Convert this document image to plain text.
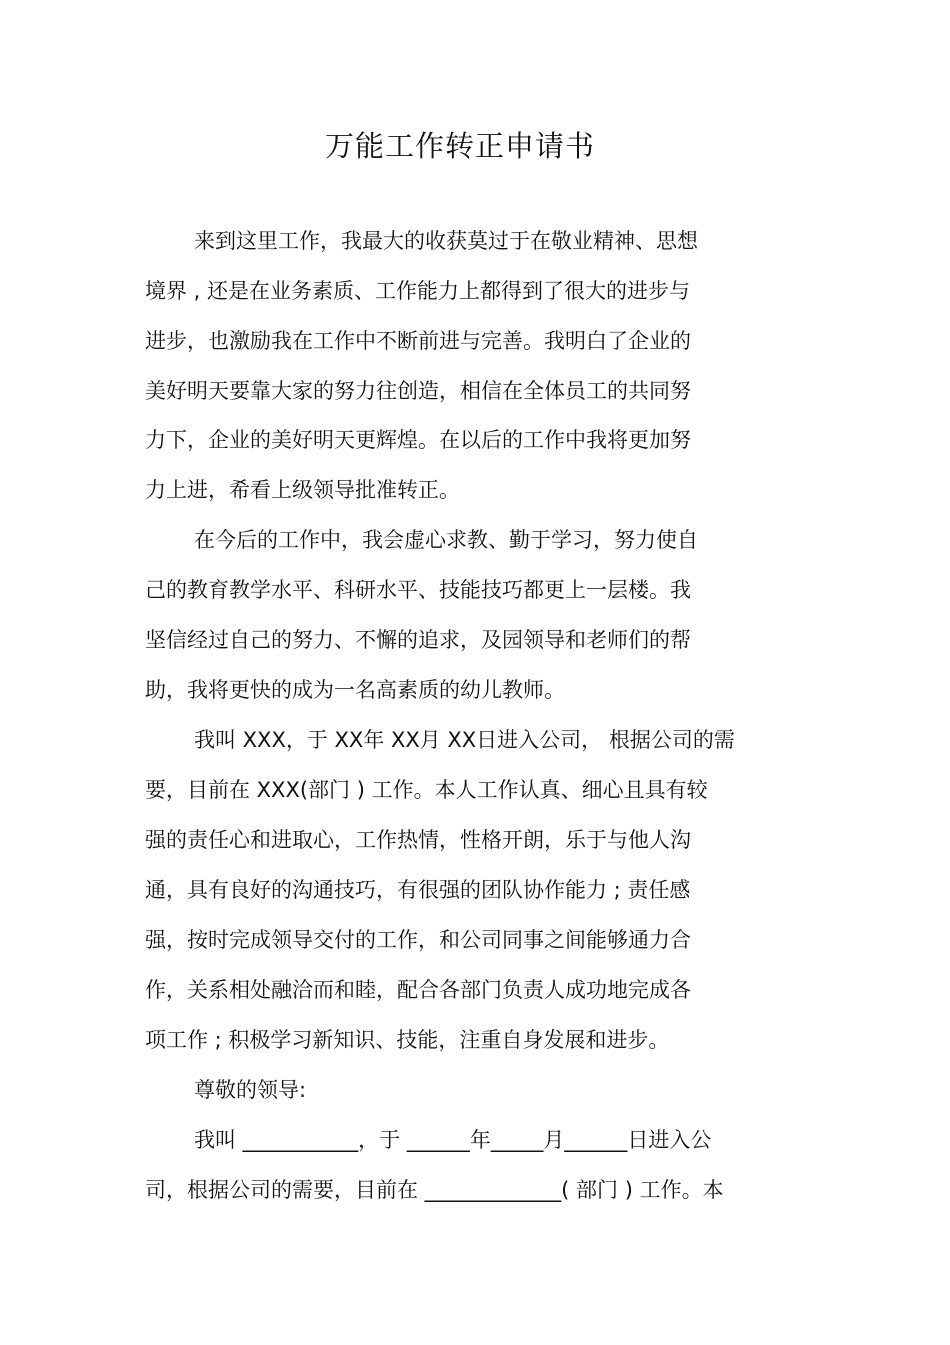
万能工作转正申请书
来到这里工作，我最大的收获莫过于在敬业精神、思想
境界 , 还是在业务素质、工作能力上都得到了很大的进步与
进步，也激励我在工作中不断前进与完善。我明白了企业的
美好明天要靠大家的努力往创造，相信在全体员工的共同努
力下，企业的美好明天更辉煌。在以后的工作中我将更加努
力上进，希看上级领导批准转正。
在今后的工作中，我会虚心求教、勤于学习，努力使自
己的教育教学水平、科研水平、技能技巧都更上一层楼。我
坚信经过自己的努力、不懈的追求，及园领导和老师们的帮
助，我将更快的成为一名高素质的幼儿教师。
我叫 XXX，于 XX年 XX月 XX日进入公司， 根据公司的需
要，目前在 XXX(部门 ) 工作。本人工作认真、细心且具有较
强的责任心和进取心，工作热情，性格开朗，乐于与他人沟
通，具有良好的沟通技巧，有很强的团队协作能力 ; 责任感
强，按时完成领导交付的工作，和公司同事之间能够通力合
作，关系相处融洽而和睦，配合各部门负责人成功地完成各
项工作 ; 积极学习新知识、技能，注重自身发展和进步。
尊敬的领导:
我叫 ___________，于 ______年_____月______日进入公
司，根据公司的需要，目前在 _____________( 部门 ) 工作。本
